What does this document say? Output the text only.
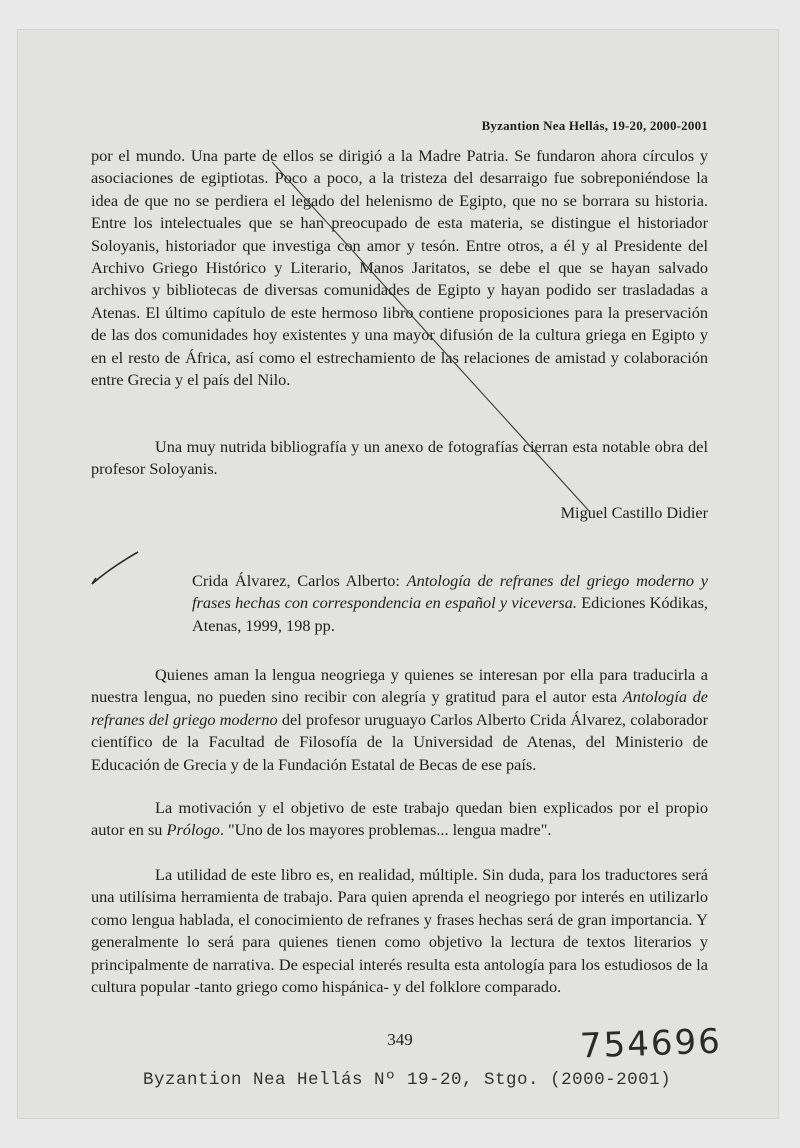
Byzantion Nea Hellás, 19-20, 2000-2001

por el mundo. Una parte de ellos se dirigió a la Madre Patria. Se fundaron ahora círculos y asociaciones de egiptiotas. Poco a poco, a la tristeza del desarraigo fue sobreponiéndose la idea de que no se perdiera el legado del helenismo de Egipto, que no se borrara su historia. Entre los intelectuales que se han preocupado de esta materia, se distingue el historiador Soloyanis, historiador que investiga con amor y tesón. Entre otros, a él y al Presidente del Archivo Griego Histórico y Literario, Manos Jaritatos, se debe el que se hayan salvado archivos y bibliotecas de diversas comunidades de Egipto y hayan podido ser trasladadas a Atenas. El último capítulo de este hermoso libro contiene proposiciones para la preservación de las dos comunidades hoy existentes y una mayor difusión de la cultura griega en Egipto y en el resto de África, así como el estrechamiento de las relaciones de amistad y colaboración entre Grecia y el país del Nilo.

Una muy nutrida bibliografía y un anexo de fotografías cierran esta notable obra del profesor Soloyanis.

Miguel Castillo Didier

Crida Álvarez, Carlos Alberto: Antología de refranes del griego moderno y frases hechas con correspondencia en español y viceversa. Ediciones Kódikas, Atenas, 1999, 198 pp.

Quienes aman la lengua neogriega y quienes se interesan por ella para traducirla a nuestra lengua, no pueden sino recibir con alegría y gratitud para el autor esta Antología de refranes del griego moderno del profesor uruguayo Carlos Alberto Crida Álvarez, colaborador científico de la Facultad de Filosofía de la Universidad de Atenas, del Ministerio de Educación de Grecia y de la Fundación Estatal de Becas de ese país.

La motivación y el objetivo de este trabajo quedan bien explicados por el propio autor en su Prólogo. "Uno de los mayores problemas... lengua madre".

La utilidad de este libro es, en realidad, múltiple. Sin duda, para los traductores será una utilísima herramienta de trabajo. Para quien aprenda el neogriego por interés en utilizarlo como lengua hablada, el conocimiento de refranes y frases hechas será de gran importancia. Y generalmente lo será para quienes tienen como objetivo la lectura de textos literarios y principalmente de narrativa. De especial interés resulta esta antología para los estudiosos de la cultura popular -tanto griego como hispánica- y del folklore comparado.

349	754696
Byzantion Nea Hellás Nº 19-20, Stgo. (2000-2001)
